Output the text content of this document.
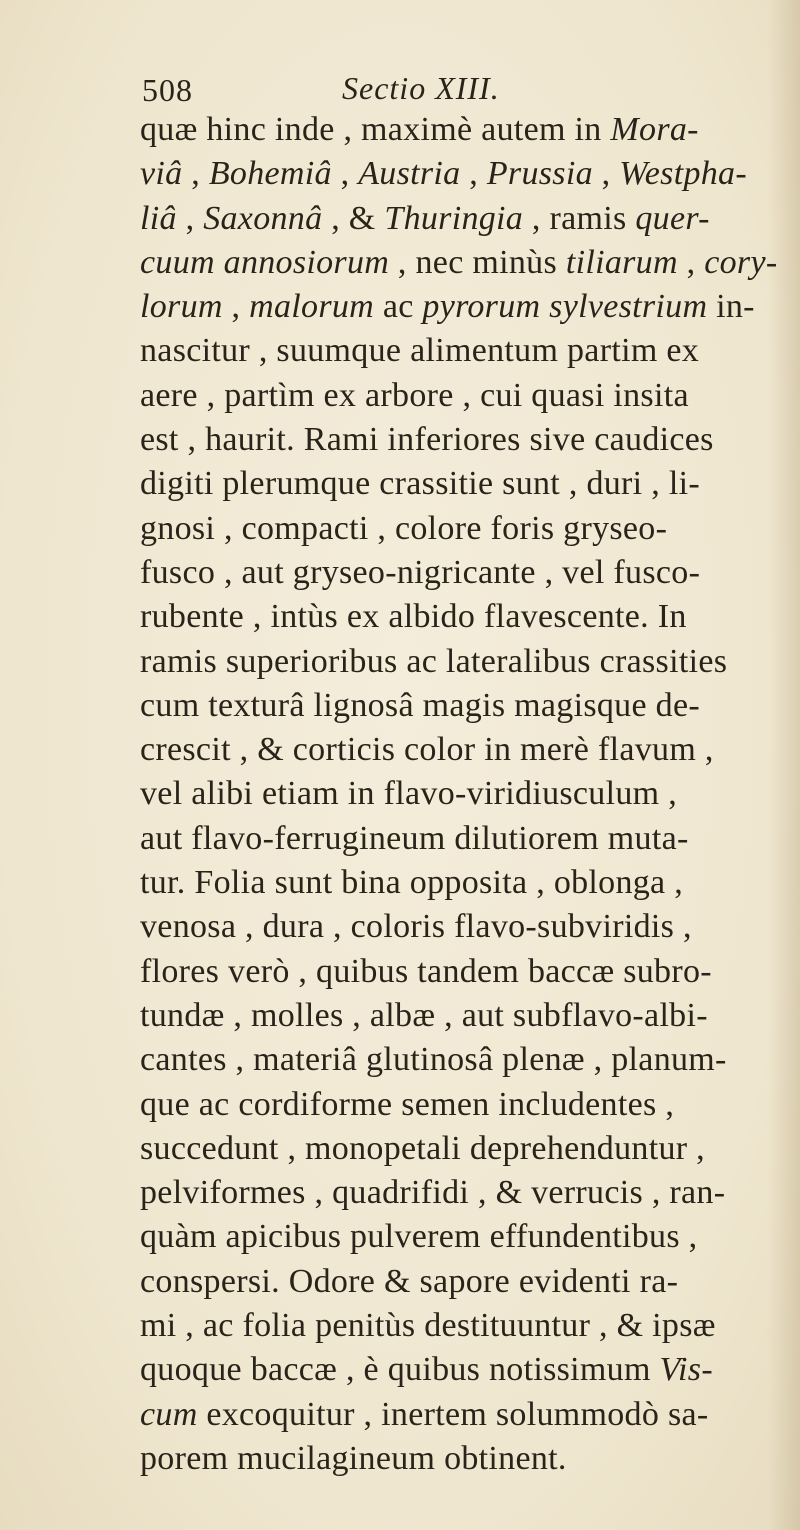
508	Sectio XIII.
quæ hinc inde , maximè autem in Mora-
viâ , Bohemiâ , Austria , Prussia , Westpha-
liâ , Saxonnâ , & Thuringia , ramis quer-
cuum annosiorum , nec minùs tiliarum , cory-
lorum , malorum ac pyrorum sylvestrium in-
nascitur , suumque alimentum partim ex
aere , partìm ex arbore , cui quasi insita
est , haurit. Rami inferiores sive caudices
digiti plerumque crassitie sunt , duri , li-
gnosi , compacti , colore foris gryseo-
fusco , aut gryseo-nigricante , vel fusco-
rubente , intùs ex albido flavescente. In
ramis superioribus ac lateralibus crassities
cum texturâ lignosâ magis magisque de-
crescit , & corticis color in merè flavum ,
vel alibi etiam in flavo-viridiusculum ,
aut flavo-ferrugineum dilutiorem muta-
tur. Folia sunt bina opposita , oblonga ,
venosa , dura , coloris flavo-subviridis ,
flores verò , quibus tandem baccæ subro-
tundæ , molles , albæ , aut subflavo-albi-
cantes , materiâ glutinosâ plenæ , planum-
que ac cordiforme semen includentes ,
succedunt , monopetali deprehenduntur ,
pelviformes , quadrifidi , & verrucis , ran-
quàm apicibus pulverem effundentibus ,
conspersi. Odore & sapore evidenti ra-
mi , ac folia penitùs destituuntur , & ipsæ
quoque baccæ , è quibus notissimum Vis-
cum excoquitur , inertem solummodò sa-
porem mucilagineum obtinent.
